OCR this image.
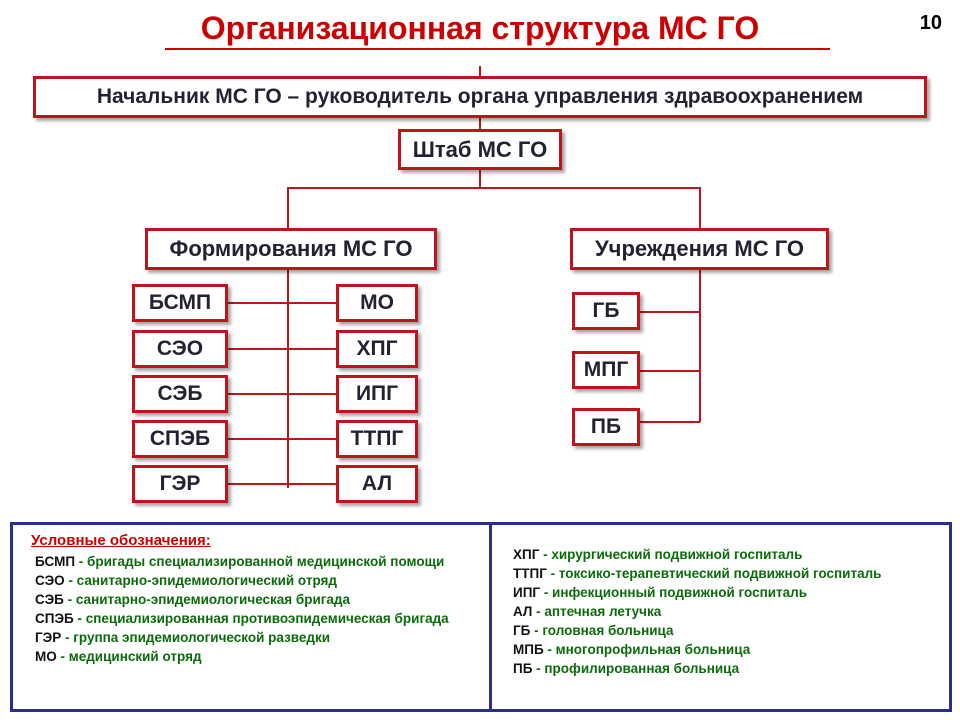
Организационная структура МС ГО	10
Начальник МС ГО – руководитель органа управления здравоохранением
Штаб МС ГО
Формирования МС ГО	Учреждения МС ГО
БСМП
СЭО
СЭБ
СПЭБ
ГЭР
МО
ХПГ
ИПГ
ТТПГ
АЛ
ГБ
МПГ
ПБ
Условные обозначения:
БСМП - бригады специализированной медицинской помощи
СЭО - санитарно-эпидемиологический отряд
СЭБ - санитарно-эпидемиологическая бригада
СПЭБ - специализированная противоэпидемическая бригада
ГЭР - группа эпидемиологической разведки
МО - медицинский отряд
ХПГ - хирургический подвижной госпиталь
ТТПГ - токсико-терапевтический подвижной госпиталь
ИПГ - инфекционный подвижной госпиталь
АЛ - аптечная летучка
ГБ - головная больница
МПБ - многопрофильная больница
ПБ - профилированная больница
